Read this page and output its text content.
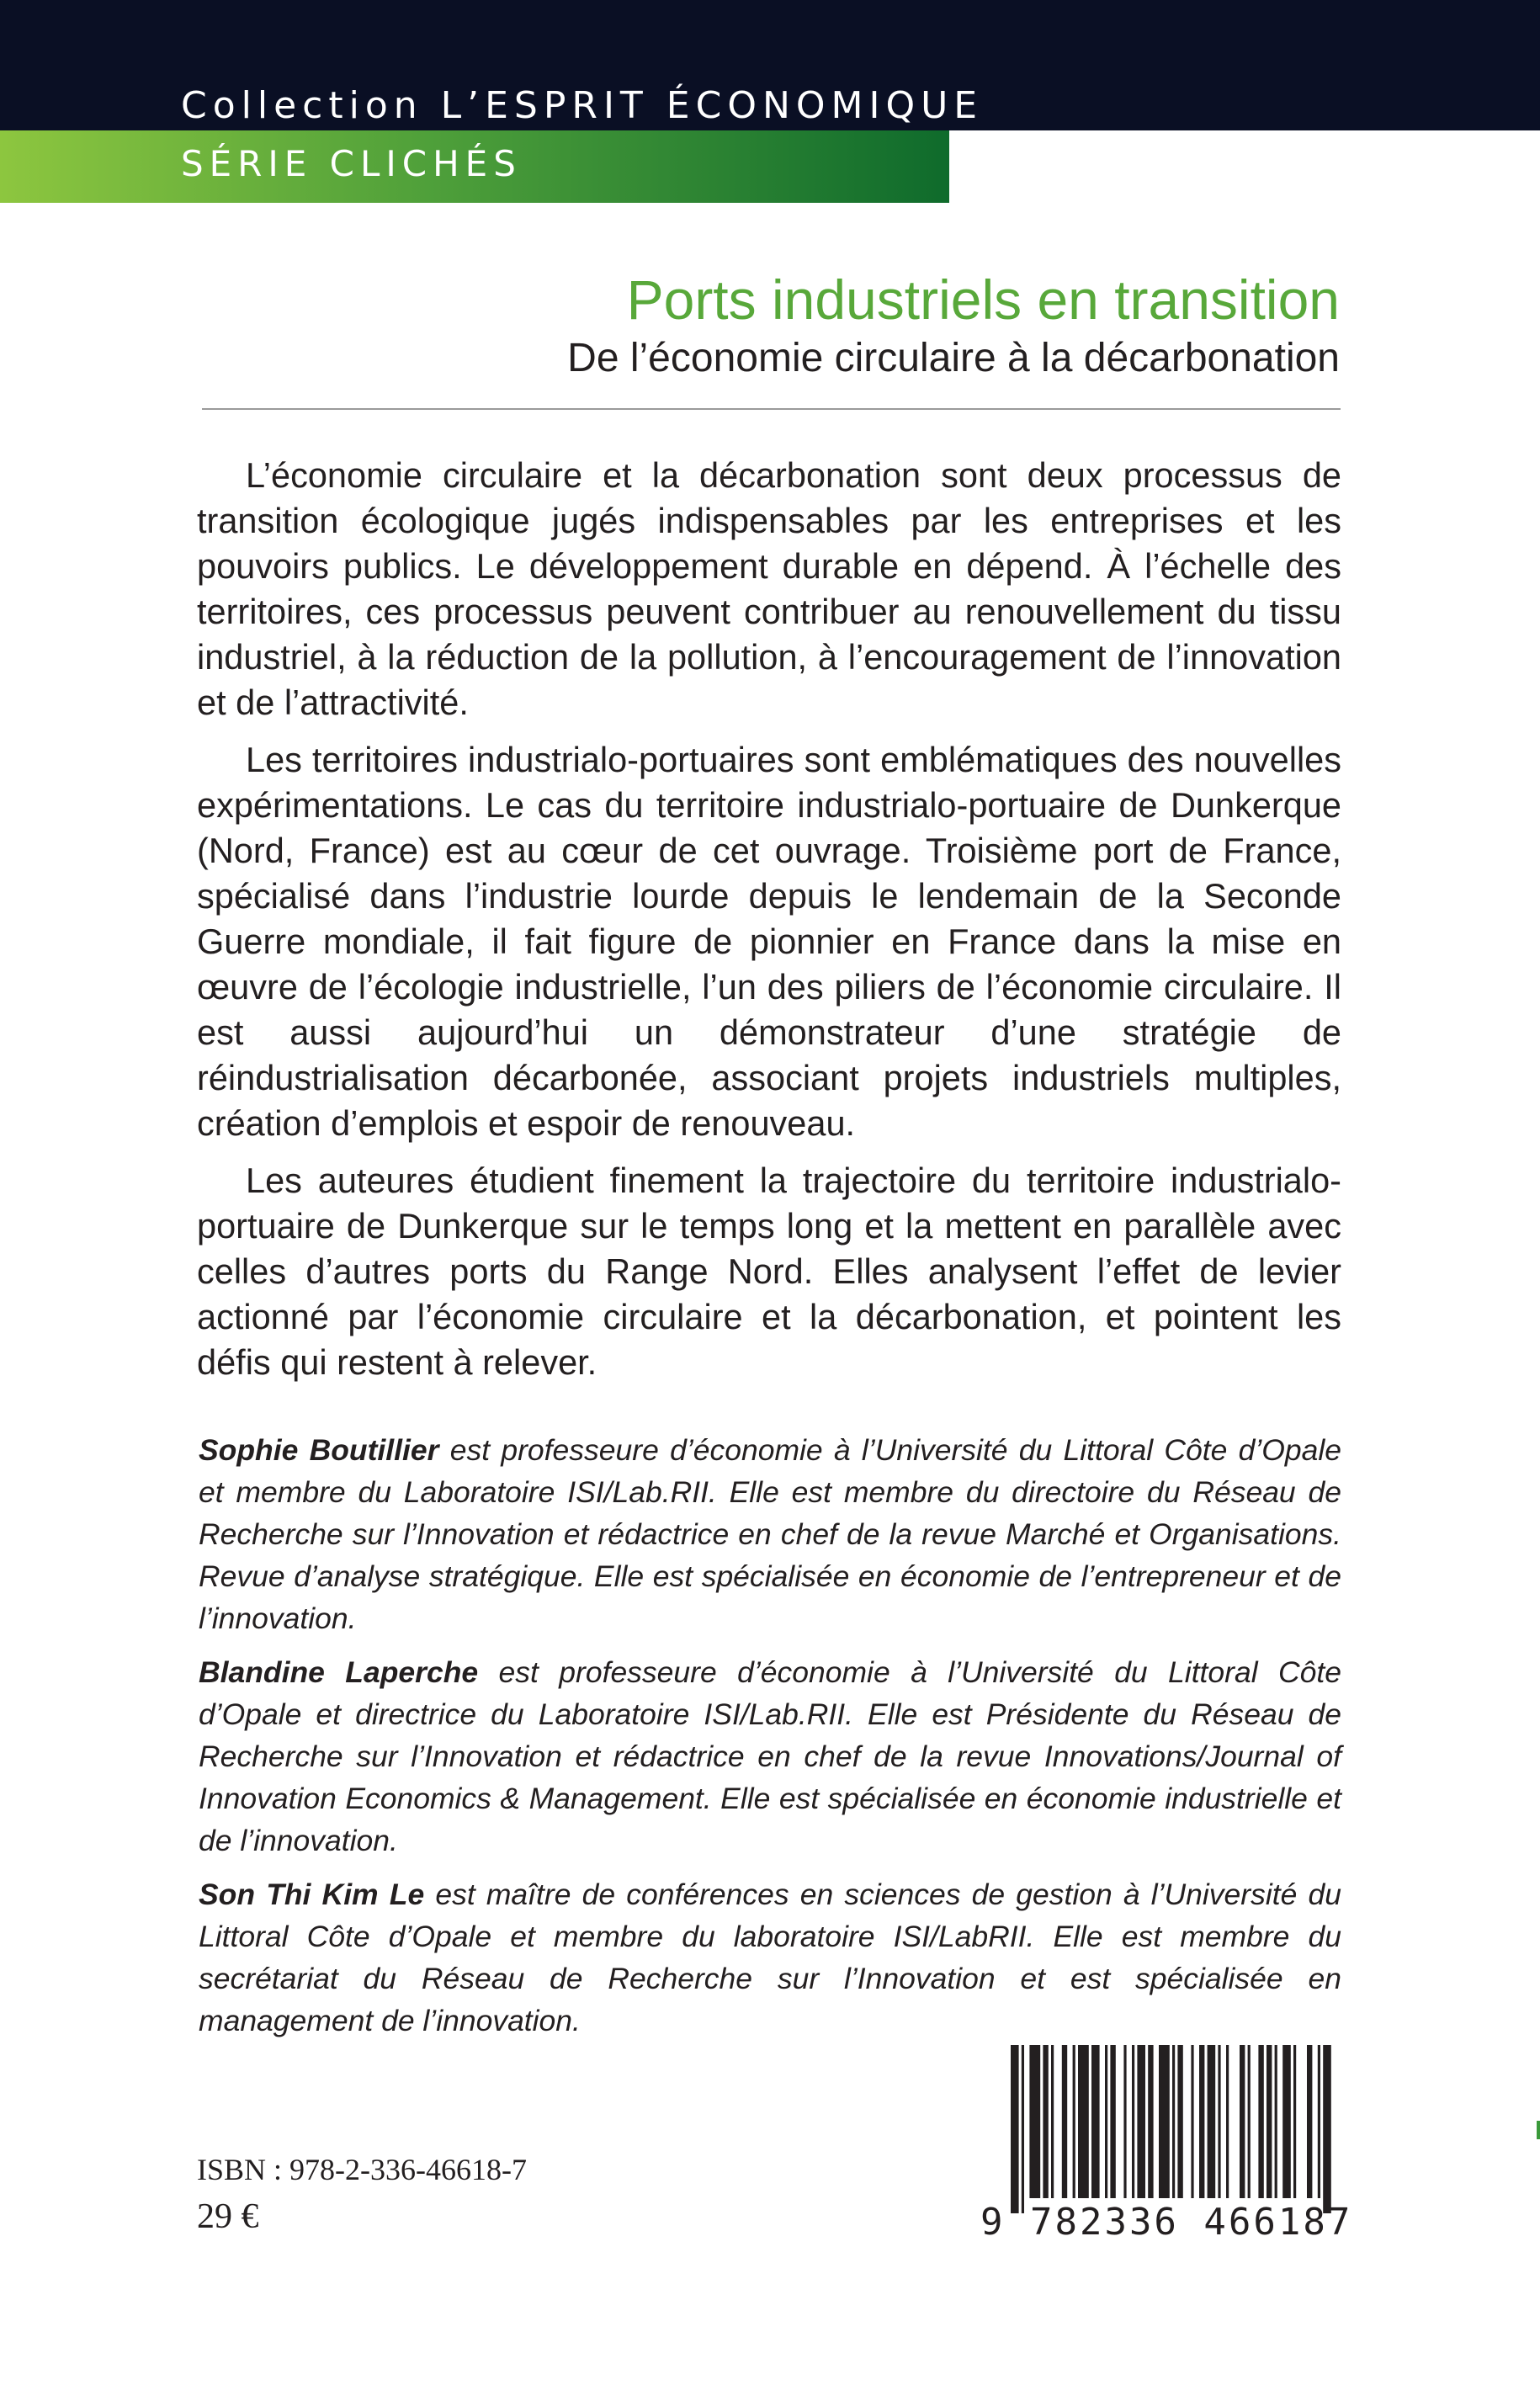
Collection L’ESPRIT ÉCONOMIQUE
SÉRIE CLICHÉS
Ports industriels en transition
De l’économie circulaire à la décarbonation

L’économie circulaire et la décarbonation sont deux processus de transition écologique jugés indispensables par les entreprises et les pouvoirs publics. Le développement durable en dépend. À l’échelle des territoires, ces processus peuvent contribuer au renouvellement du tissu industriel, à la réduction de la pollution, à l’encouragement de l’innovation et de l’attractivité.

Les territoires industrialo-portuaires sont emblématiques des nouvelles expérimentations. Le cas du territoire industrialo-portuaire de Dunkerque (Nord, France) est au cœur de cet ouvrage. Troisième port de France, spécialisé dans l’industrie lourde depuis le lendemain de la Seconde Guerre mondiale, il fait figure de pionnier en France dans la mise en œuvre de l’écologie industrielle, l’un des piliers de l’économie circulaire. Il est aussi aujourd’hui un démonstrateur d’une stratégie de réindustrialisation décarbonée, associant projets industriels multiples, création d’emplois et espoir de renouveau.

Les auteures étudient finement la trajectoire du territoire industrialo-portuaire de Dunkerque sur le temps long et la mettent en parallèle avec celles d’autres ports du Range Nord. Elles analysent l’effet de levier actionné par l’économie circulaire et la décarbonation, et pointent les défis qui restent à relever.

Sophie Boutillier est professeure d’économie à l’Université du Littoral Côte d’Opale et membre du Laboratoire ISI/Lab.RII. Elle est membre du directoire du Réseau de Recherche sur l’Innovation et rédactrice en chef de la revue Marché et Organisations. Revue d’analyse stratégique. Elle est spécialisée en économie de l’entrepreneur et de l’innovation.

Blandine Laperche est professeure d’économie à l’Université du Littoral Côte d’Opale et directrice du Laboratoire ISI/Lab.RII. Elle est Présidente du Réseau de Recherche sur l’Innovation et rédactrice en chef de la revue Innovations/Journal of Innovation Economics & Management. Elle est spécialisée en économie industrielle et de l’innovation.

Son Thi Kim Le est maître de conférences en sciences de gestion à l’Université du Littoral Côte d’Opale et membre du laboratoire ISI/LabRII. Elle est membre du secrétariat du Réseau de Recherche sur l’Innovation et est spécialisée en management de l’innovation.

ISBN : 978-2-336-46618-7
29 €	9 782336 466187
